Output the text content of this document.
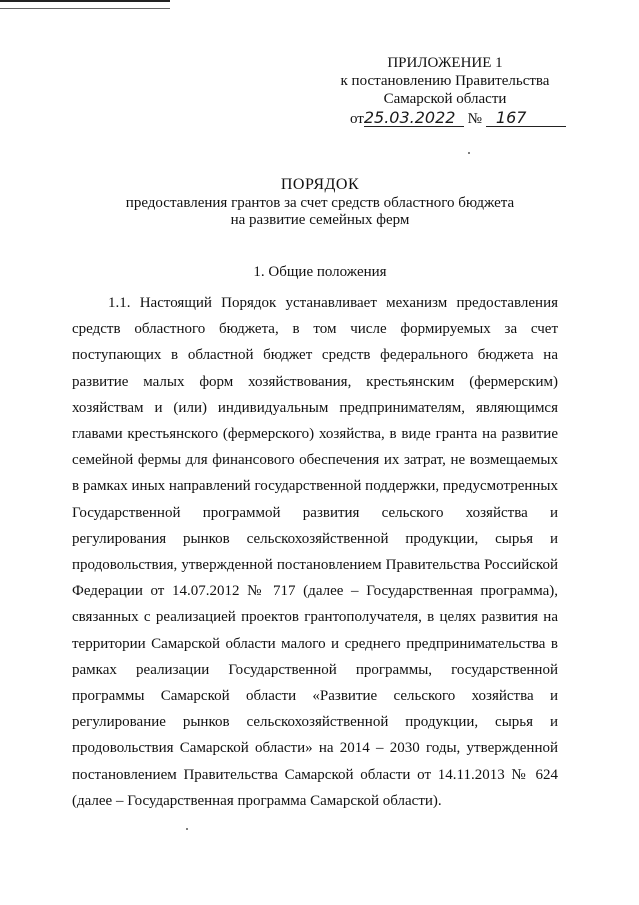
ПРИЛОЖЕНИЕ 1
к постановлению Правительства
Самарской области
от25.03.2022 № 167
ПОРЯДОК
предоставления грантов за счет средств областного бюджета
на развитие семейных ферм
1. Общие положения
1.1. Настоящий Порядок устанавливает механизм предоставления средств областного бюджета, в том числе формируемых за счет поступающих в областной бюджет средств федерального бюджета на развитие малых форм хозяйствования, крестьянским (фермерским) хозяйствам и (или) индивидуальным предпринимателям, являющимся главами крестьянского (фермерского) хозяйства, в виде гранта на развитие семейной фермы для финансового обеспечения их затрат, не возмещаемых в рамках иных направлений государственной поддержки, предусмотренных Государственной программой развития сельского хозяйства и регулирования рынков сельскохозяйственной продукции, сырья и продовольствия, утвержденной постановлением Правительства Российской Федерации от 14.07.2012 № 717 (далее – Государственная программа), связанных с реализацией проектов грантополучателя, в целях развития на территории Самарской области малого и среднего предпринимательства в рамках реализации Государственной программы, государственной программы Самарской области «Развитие сельского хозяйства и регулирование рынков сельскохозяйственной продукции, сырья и продовольствия Самарской области» на 2014 – 2030 годы, утвержденной постановлением Правительства Самарской области от 14.11.2013 № 624 (далее – Государственная программа Самарской области).
